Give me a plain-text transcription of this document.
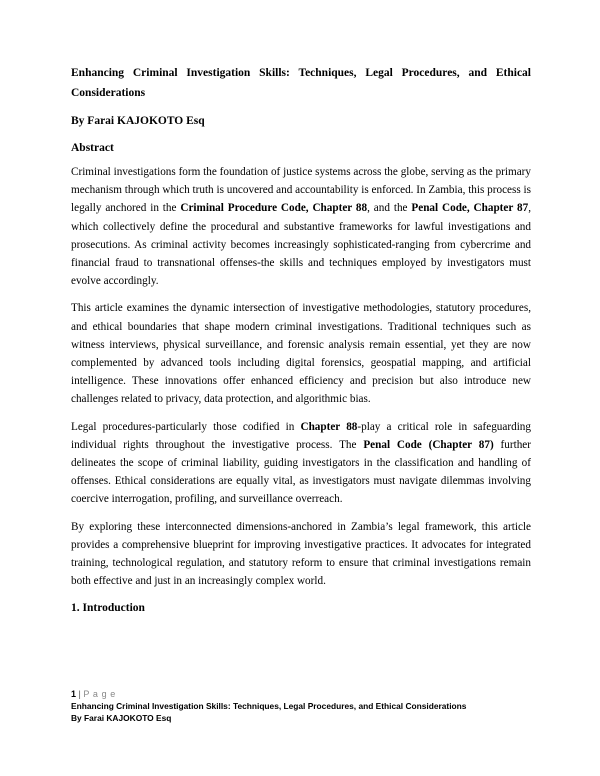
Enhancing Criminal Investigation Skills: Techniques, Legal Procedures, and Ethical Considerations
By Farai KAJOKOTO Esq
Abstract

Criminal investigations form the foundation of justice systems across the globe, serving as the primary mechanism through which truth is uncovered and accountability is enforced. In Zambia, this process is legally anchored in the Criminal Procedure Code, Chapter 88, and the Penal Code, Chapter 87, which collectively define the procedural and substantive frameworks for lawful investigations and prosecutions. As criminal activity becomes increasingly sophisticated-ranging from cybercrime and financial fraud to transnational offenses-the skills and techniques employed by investigators must evolve accordingly.

This article examines the dynamic intersection of investigative methodologies, statutory procedures, and ethical boundaries that shape modern criminal investigations. Traditional techniques such as witness interviews, physical surveillance, and forensic analysis remain essential, yet they are now complemented by advanced tools including digital forensics, geospatial mapping, and artificial intelligence. These innovations offer enhanced efficiency and precision but also introduce new challenges related to privacy, data protection, and algorithmic bias.

Legal procedures-particularly those codified in Chapter 88-play a critical role in safeguarding individual rights throughout the investigative process. The Penal Code (Chapter 87) further delineates the scope of criminal liability, guiding investigators in the classification and handling of offenses. Ethical considerations are equally vital, as investigators must navigate dilemmas involving coercive interrogation, profiling, and surveillance overreach.

By exploring these interconnected dimensions-anchored in Zambia’s legal framework, this article provides a comprehensive blueprint for improving investigative practices. It advocates for integrated training, technological regulation, and statutory reform to ensure that criminal investigations remain both effective and just in an increasingly complex world.

1. Introduction
1 | P a g e
Enhancing Criminal Investigation Skills: Techniques, Legal Procedures, and Ethical Considerations
By Farai KAJOKOTO Esq
